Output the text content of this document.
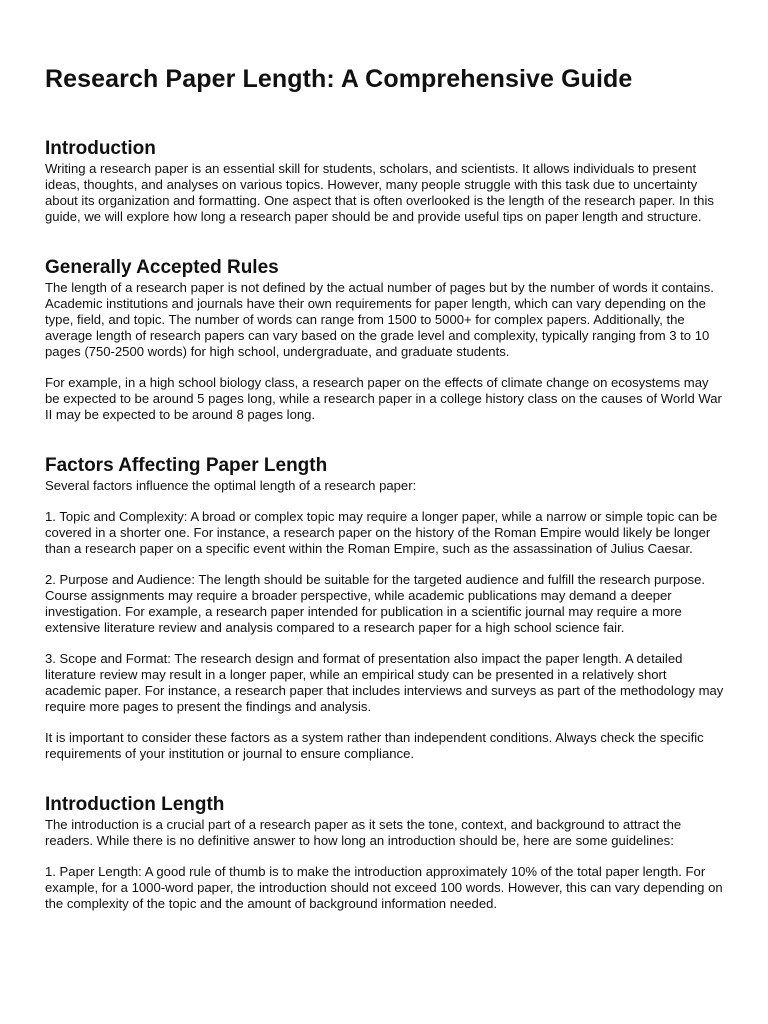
Research Paper Length: A Comprehensive Guide
Introduction

Writing a research paper is an essential skill for students, scholars, and scientists. It allows individuals to present ideas, thoughts, and analyses on various topics. However, many people struggle with this task due to uncertainty about its organization and formatting. One aspect that is often overlooked is the length of the research paper. In this guide, we will explore how long a research paper should be and provide useful tips on paper length and structure.

Generally Accepted Rules

The length of a research paper is not defined by the actual number of pages but by the number of words it contains. Academic institutions and journals have their own requirements for paper length, which can vary depending on the type, field, and topic. The number of words can range from 1500 to 5000+ for complex papers. Additionally, the average length of research papers can vary based on the grade level and complexity, typically ranging from 3 to 10 pages (750-2500 words) for high school, undergraduate, and graduate students.

For example, in a high school biology class, a research paper on the effects of climate change on ecosystems may be expected to be around 5 pages long, while a research paper in a college history class on the causes of World War II may be expected to be around 8 pages long.

Factors Affecting Paper Length

Several factors influence the optimal length of a research paper:

1. Topic and Complexity: A broad or complex topic may require a longer paper, while a narrow or simple topic can be covered in a shorter one. For instance, a research paper on the history of the Roman Empire would likely be longer than a research paper on a specific event within the Roman Empire, such as the assassination of Julius Caesar.

2. Purpose and Audience: The length should be suitable for the targeted audience and fulfill the research purpose. Course assignments may require a broader perspective, while academic publications may demand a deeper investigation. For example, a research paper intended for publication in a scientific journal may require a more extensive literature review and analysis compared to a research paper for a high school science fair.

3. Scope and Format: The research design and format of presentation also impact the paper length. A detailed literature review may result in a longer paper, while an empirical study can be presented in a relatively short academic paper. For instance, a research paper that includes interviews and surveys as part of the methodology may require more pages to present the findings and analysis.

It is important to consider these factors as a system rather than independent conditions. Always check the specific requirements of your institution or journal to ensure compliance.

Introduction Length

The introduction is a crucial part of a research paper as it sets the tone, context, and background to attract the readers. While there is no definitive answer to how long an introduction should be, here are some guidelines:

1. Paper Length: A good rule of thumb is to make the introduction approximately 10% of the total paper length. For example, for a 1000-word paper, the introduction should not exceed 100 words. However, this can vary depending on the complexity of the topic and the amount of background information needed.
